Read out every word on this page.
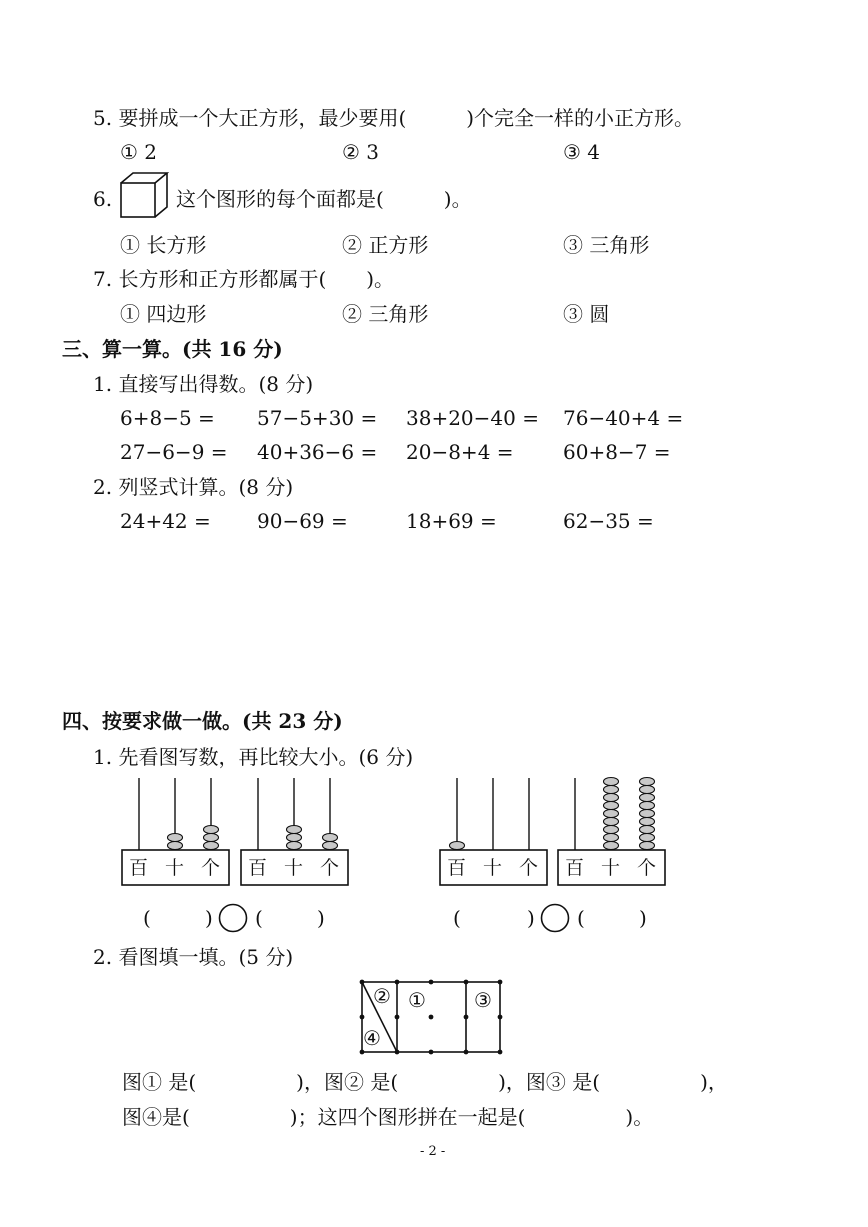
5. 要拼成一个大正方形，最少要用(　　　)个完全一样的小正方形。
① 2	② 3	③ 4
6.	这个图形的每个面都是(　　　)。
① 长方形	② 正方形	③ 三角形
7. 长方形和正方形都属于(　　)。
① 四边形	② 三角形	③ 圆
三、算一算。(共 16 分)
1. 直接写出得数。(8 分)
6+8−5 = 57−5+30 = 38+20−40 = 76−40+4 =
27−6−9 = 40+36−6 = 20−8+4 = 60+8−7 =
2. 列竖式计算。(8 分)
24+42 = 90−69 =	18+69 =	62−35 =
四、按要求做一做。(共 23 分)
1. 先看图写数，再比较大小。(6 分)
百 十 个 百 十 个	百 十 个 百 十 个
(	) (	)	(	) (	)
2. 看图填一填。(5 分)
② ① ③
④
图① 是(　　　　　)，图② 是(　　　　　)，图③ 是(　　　　　)，
图④是(　　　　　)；这四个图形拼在一起是(　　　　　)。
- 2 -
